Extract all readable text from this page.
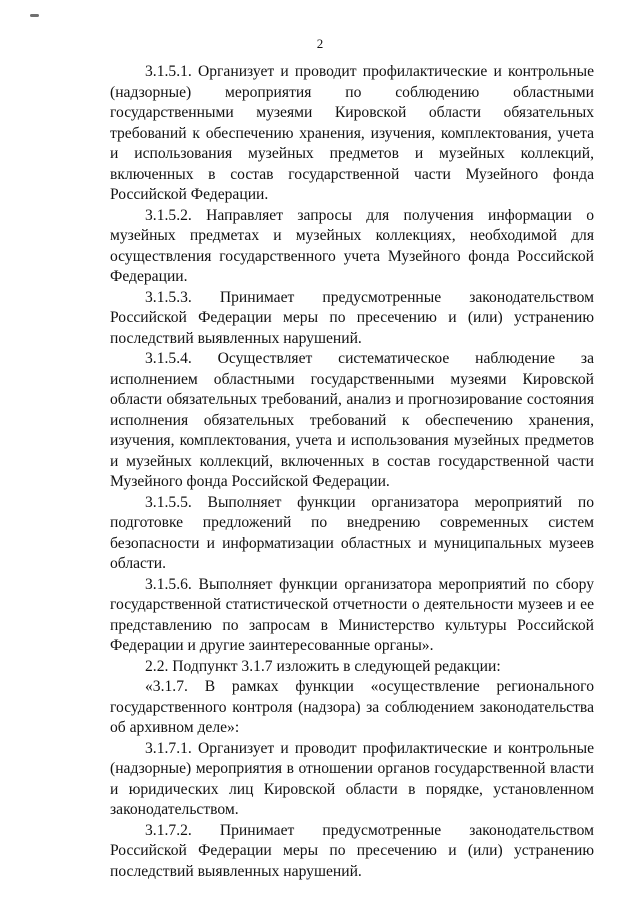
2

3.1.5.1. Организует и проводит профилактические и контрольные (надзорные) мероприятия по соблюдению областными государственными музеями Кировской области обязательных требований к обеспечению хранения, изучения, комплектования, учета и использования музейных предметов и музейных коллекций, включенных в состав государственной части Музейного фонда Российской Федерации.

3.1.5.2. Направляет запросы для получения информации о музейных предметах и музейных коллекциях, необходимой для осуществления государственного учета Музейного фонда Российской Федерации.

3.1.5.3. Принимает предусмотренные законодательством Российской Федерации меры по пресечению и (или) устранению последствий выявленных нарушений.

3.1.5.4. Осуществляет систематическое наблюдение за исполнением областными государственными музеями Кировской области обязательных требований, анализ и прогнозирование состояния исполнения обязательных требований к обеспечению хранения, изучения, комплектования, учета и использования музейных предметов и музейных коллекций, включенных в состав государственной части Музейного фонда Российской Федерации.

3.1.5.5. Выполняет функции организатора мероприятий по подготовке предложений по внедрению современных систем безопасности и информатизации областных и муниципальных музеев области.

3.1.5.6. Выполняет функции организатора мероприятий по сбору государственной статистической отчетности о деятельности музеев и ее представлению по запросам в Министерство культуры Российской Федерации и другие заинтересованные органы».

2.2. Подпункт 3.1.7 изложить в следующей редакции:

«3.1.7. В рамках функции «осуществление регионального государственного контроля (надзора) за соблюдением законодательства об архивном деле»:

3.1.7.1. Организует и проводит профилактические и контрольные (надзорные) мероприятия в отношении органов государственной власти и юридических лиц Кировской области в порядке, установленном законодательством.

3.1.7.2. Принимает предусмотренные законодательством Российской Федерации меры по пресечению и (или) устранению последствий выявленных нарушений.
